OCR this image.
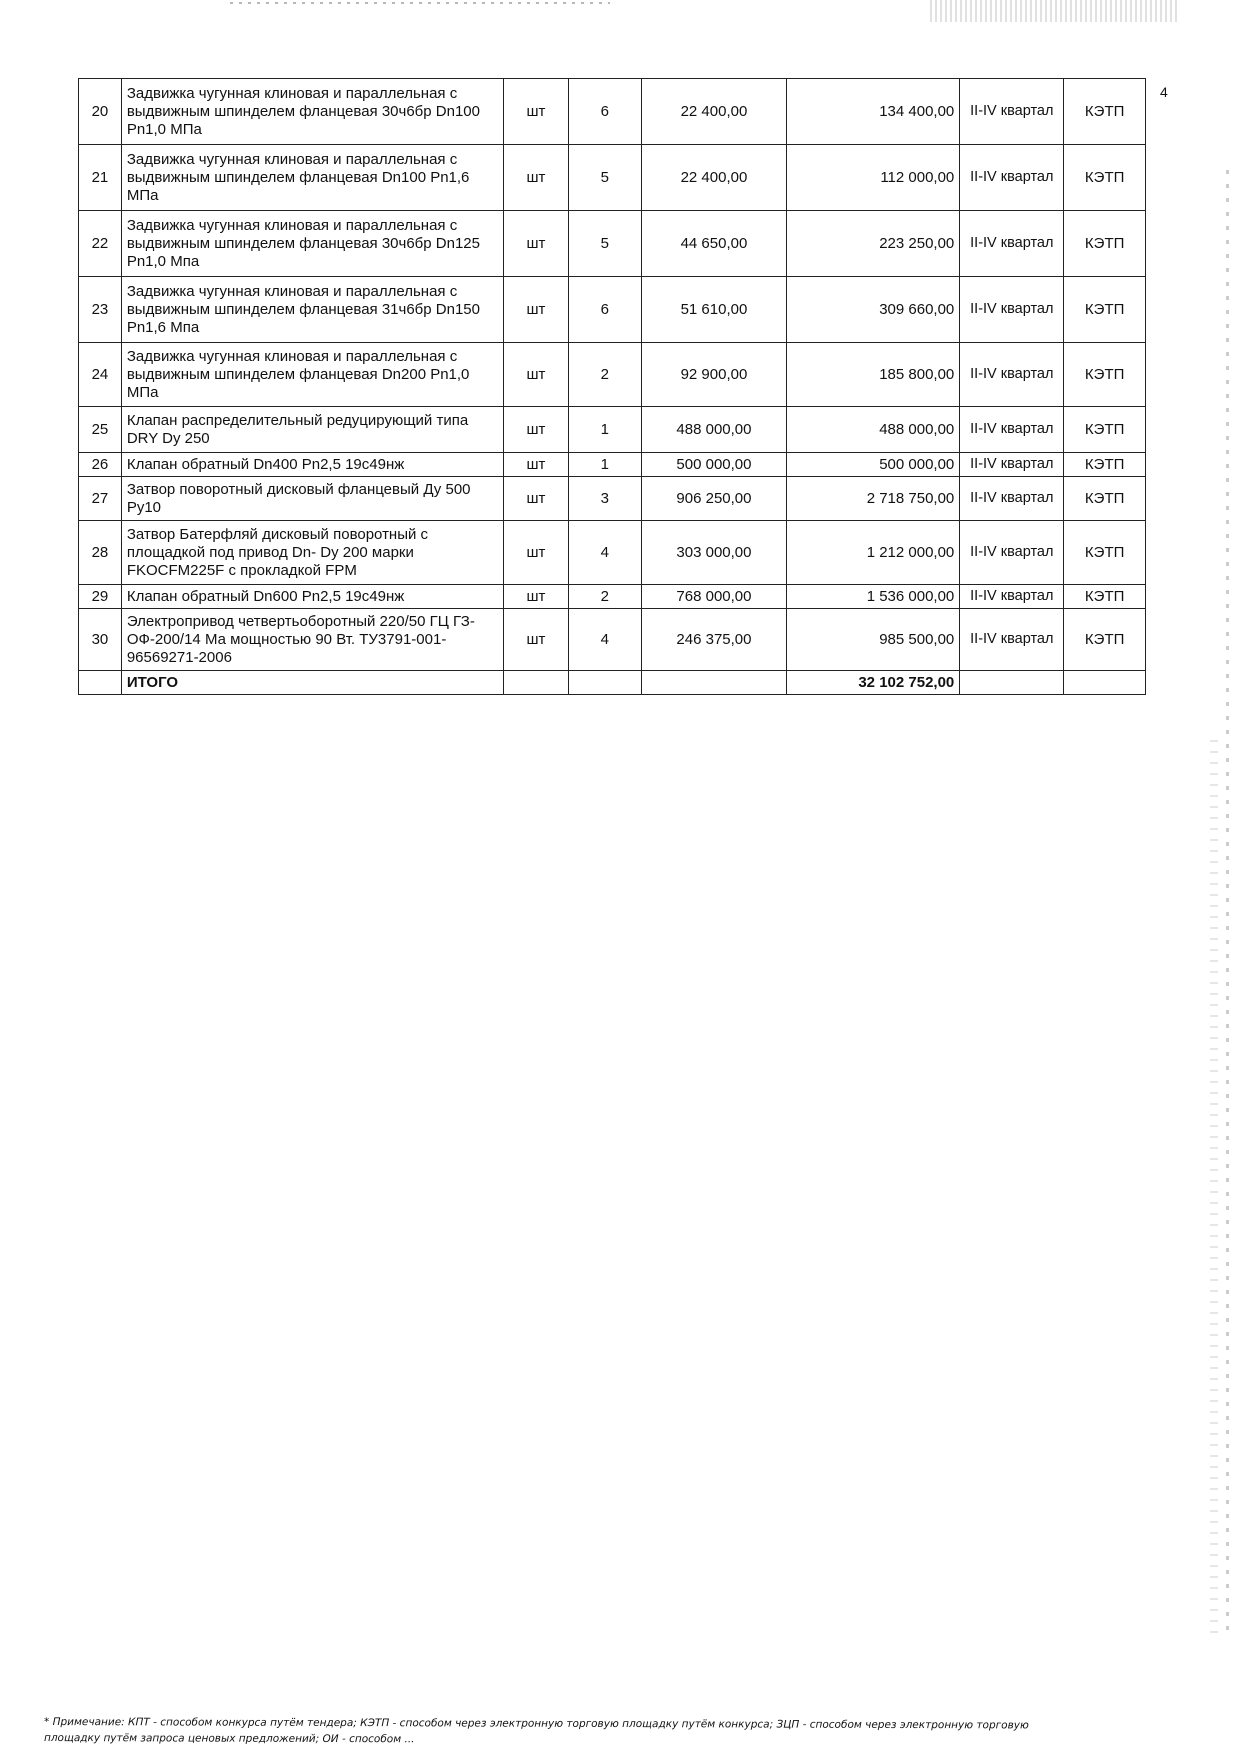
4
20	Задвижка чугунная клиновая и параллельная с выдвижным шпинделем фланцевая 30ч6бр Dn100 Pn1,0 МПа	шт	6	22 400,00	134 400,00	II-IV квартал	КЭТП
21	Задвижка чугунная клиновая и параллельная с выдвижным шпинделем фланцевая Dn100 Pn1,6 МПа	шт	5	22 400,00	112 000,00	II-IV квартал	КЭТП
22	Задвижка чугунная клиновая и параллельная с выдвижным шпинделем фланцевая 30ч6бр Dn125 Pn1,0 Мпа	шт	5	44 650,00	223 250,00	II-IV квартал	КЭТП
23	Задвижка чугунная клиновая и параллельная с выдвижным шпинделем фланцевая 31ч6бр Dn150 Pn1,6 Мпа	шт	6	51 610,00	309 660,00	II-IV квартал	КЭТП
24	Задвижка чугунная клиновая и параллельная с выдвижным шпинделем фланцевая Dn200 Pn1,0 МПа	шт	2	92 900,00	185 800,00	II-IV квартал	КЭТП
25	Клапан распределительный редуцирующий типа DRY Dy 250	шт	1	488 000,00	488 000,00	II-IV квартал	КЭТП
26	Клапан обратный Dn400 Pn2,5 19с49нж	шт	1	500 000,00	500 000,00	II-IV квартал	КЭТП
27	Затвор поворотный дисковый фланцевый Ду 500 Ру10	шт	3	906 250,00	2 718 750,00	II-IV квартал	КЭТП
28	Затвор Батерфляй дисковый поворотный с площадкой под привод Dn- Dy 200 марки FKOCFM225F с прокладкой FPM	шт	4	303 000,00	1 212 000,00	II-IV квартал	КЭТП
29	Клапан обратный Dn600 Pn2,5 19с49нж	шт	2	768 000,00	1 536 000,00	II-IV квартал	КЭТП
30	Электропривод четвертьоборотный 220/50 ГЦ ГЗ-ОФ-200/14 Ма мощностью 90 Вт. ТУ3791-001-96569271-2006	шт	4	246 375,00	985 500,00	II-IV квартал	КЭТП
	ИТОГО				32 102 752,00		
* Примечание: КПТ - способом конкурса путём тендера; КЭТП - способом через электронную торговую площадку путём конкурса; ЗЦП - способом через электронную торговую
площадку путём запроса ценовых предложений; ОИ - способом ...
